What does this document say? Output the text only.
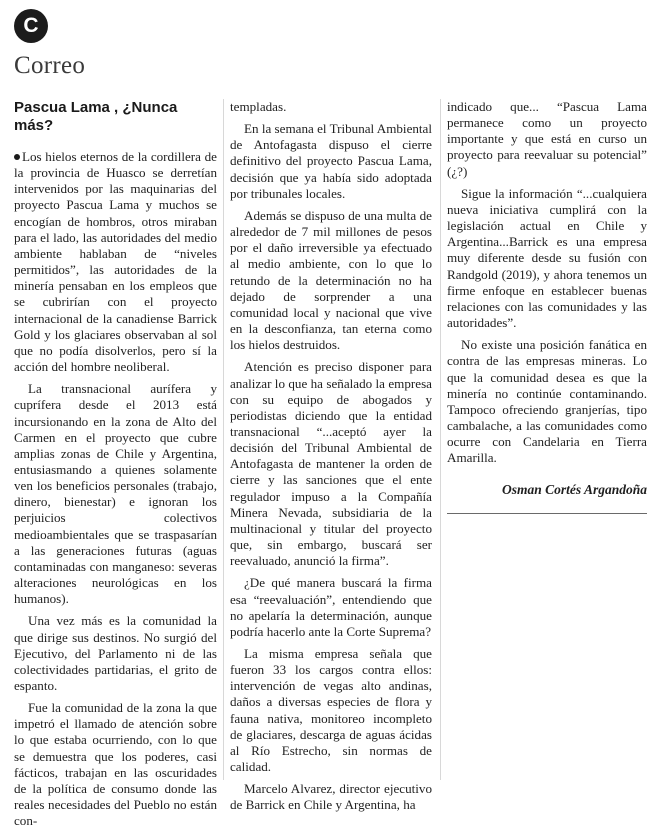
C
Correo
Pascua Lama , ¿Nunca más?

Los hielos eternos de la cordillera de la provincia de Huasco se derretían intervenidos por las maquinarias del proyecto Pascua Lama y muchos se encogían de hombros, otros miraban para el lado, las autoridades del medio ambiente hablaban de “niveles permitidos”, las autoridades de la minería pensaban en los empleos que se cubrirían con el proyecto internacional de la canadiense Barrick Gold y los glaciares observaban al sol que no podía disolverlos, pero sí la acción del hombre neoliberal.

La transnacional aurífera y cuprífera desde el 2013 está incursionando en la zona de Alto del Carmen en el proyecto que cubre amplias zonas de Chile y Argentina, entusiasmando a quienes solamente ven los beneficios personales (trabajo, dinero, bienestar) e ignoran los perjuicios colectivos medioambientales que se traspasarían a las generaciones futuras (aguas contaminadas con manganeso: severas alteraciones neurológicas en los humanos).

Una vez más es la comunidad la que dirige sus destinos. No surgió del Ejecutivo, del Parlamento ni de las colectividades partidarias, el grito de espanto.

Fue la comunidad de la zona la que impetró el llamado de atención sobre lo que estaba ocurriendo, con lo que se demuestra que los poderes, casi fácticos, trabajan en las oscuridades de la política de consumo donde las reales necesidades del Pueblo no están con-

templadas.

En la semana el Tribunal Ambiental de Antofagasta dispuso el cierre definitivo del proyecto Pascua Lama, decisión que ya había sido adoptada por tribunales locales.

Además se dispuso de una multa de alrededor de 7 mil millones de pesos por el daño irreversible ya efectuado al medio ambiente, con lo que lo retundo de la determinación no ha dejado de sorprender a una comunidad local y nacional que vive en la desconfianza, tan eterna como los hielos destruidos.

Atención es preciso disponer para analizar lo que ha señalado la empresa con su equipo de abogados y periodistas diciendo que la entidad transnacional “...aceptó ayer la decisión del Tribunal Ambiental de Antofagasta de mantener la orden de cierre y las sanciones que el ente regulador impuso a la Compañía Minera Nevada, subsidiaria de la multinacional y titular del proyecto que, sin embargo, buscará ser reevaluado, anunció la firma”.

¿De qué manera buscará la firma esa “reevaluación”, entendiendo que no apelaría la determinación, aunque podría hacerlo ante la Corte Suprema?

La misma empresa señala que fueron 33 los cargos contra ellos: intervención de vegas alto andinas, daños a diversas especies de flora y fauna nativa, monitoreo incompleto de glaciares, descarga de aguas ácidas al Río Estrecho, sin normas de calidad.

Marcelo Alvarez, director ejecutivo de Barrick en Chile y Argentina, ha

indicado que... “Pascua Lama permanece como un proyecto importante y que está en curso un proyecto para reevaluar su potencial” (¿?)

Sigue la información “...cualquiera nueva iniciativa cumplirá con la legislación actual en Chile y Argentina...Barrick es una empresa muy diferente desde su fusión con Randgold (2019), y ahora tenemos un firme enfoque en establecer buenas relaciones con las comunidades y las autoridades”.

No existe una posición fanática en contra de las empresas mineras. Lo que la comunidad desea es que la minería no continúe contaminando. Tampoco ofreciendo granjerías, tipo cambalache, a las comunidades como ocurre con Candelaria en Tierra Amarilla.

Osman Cortés Argandoña
